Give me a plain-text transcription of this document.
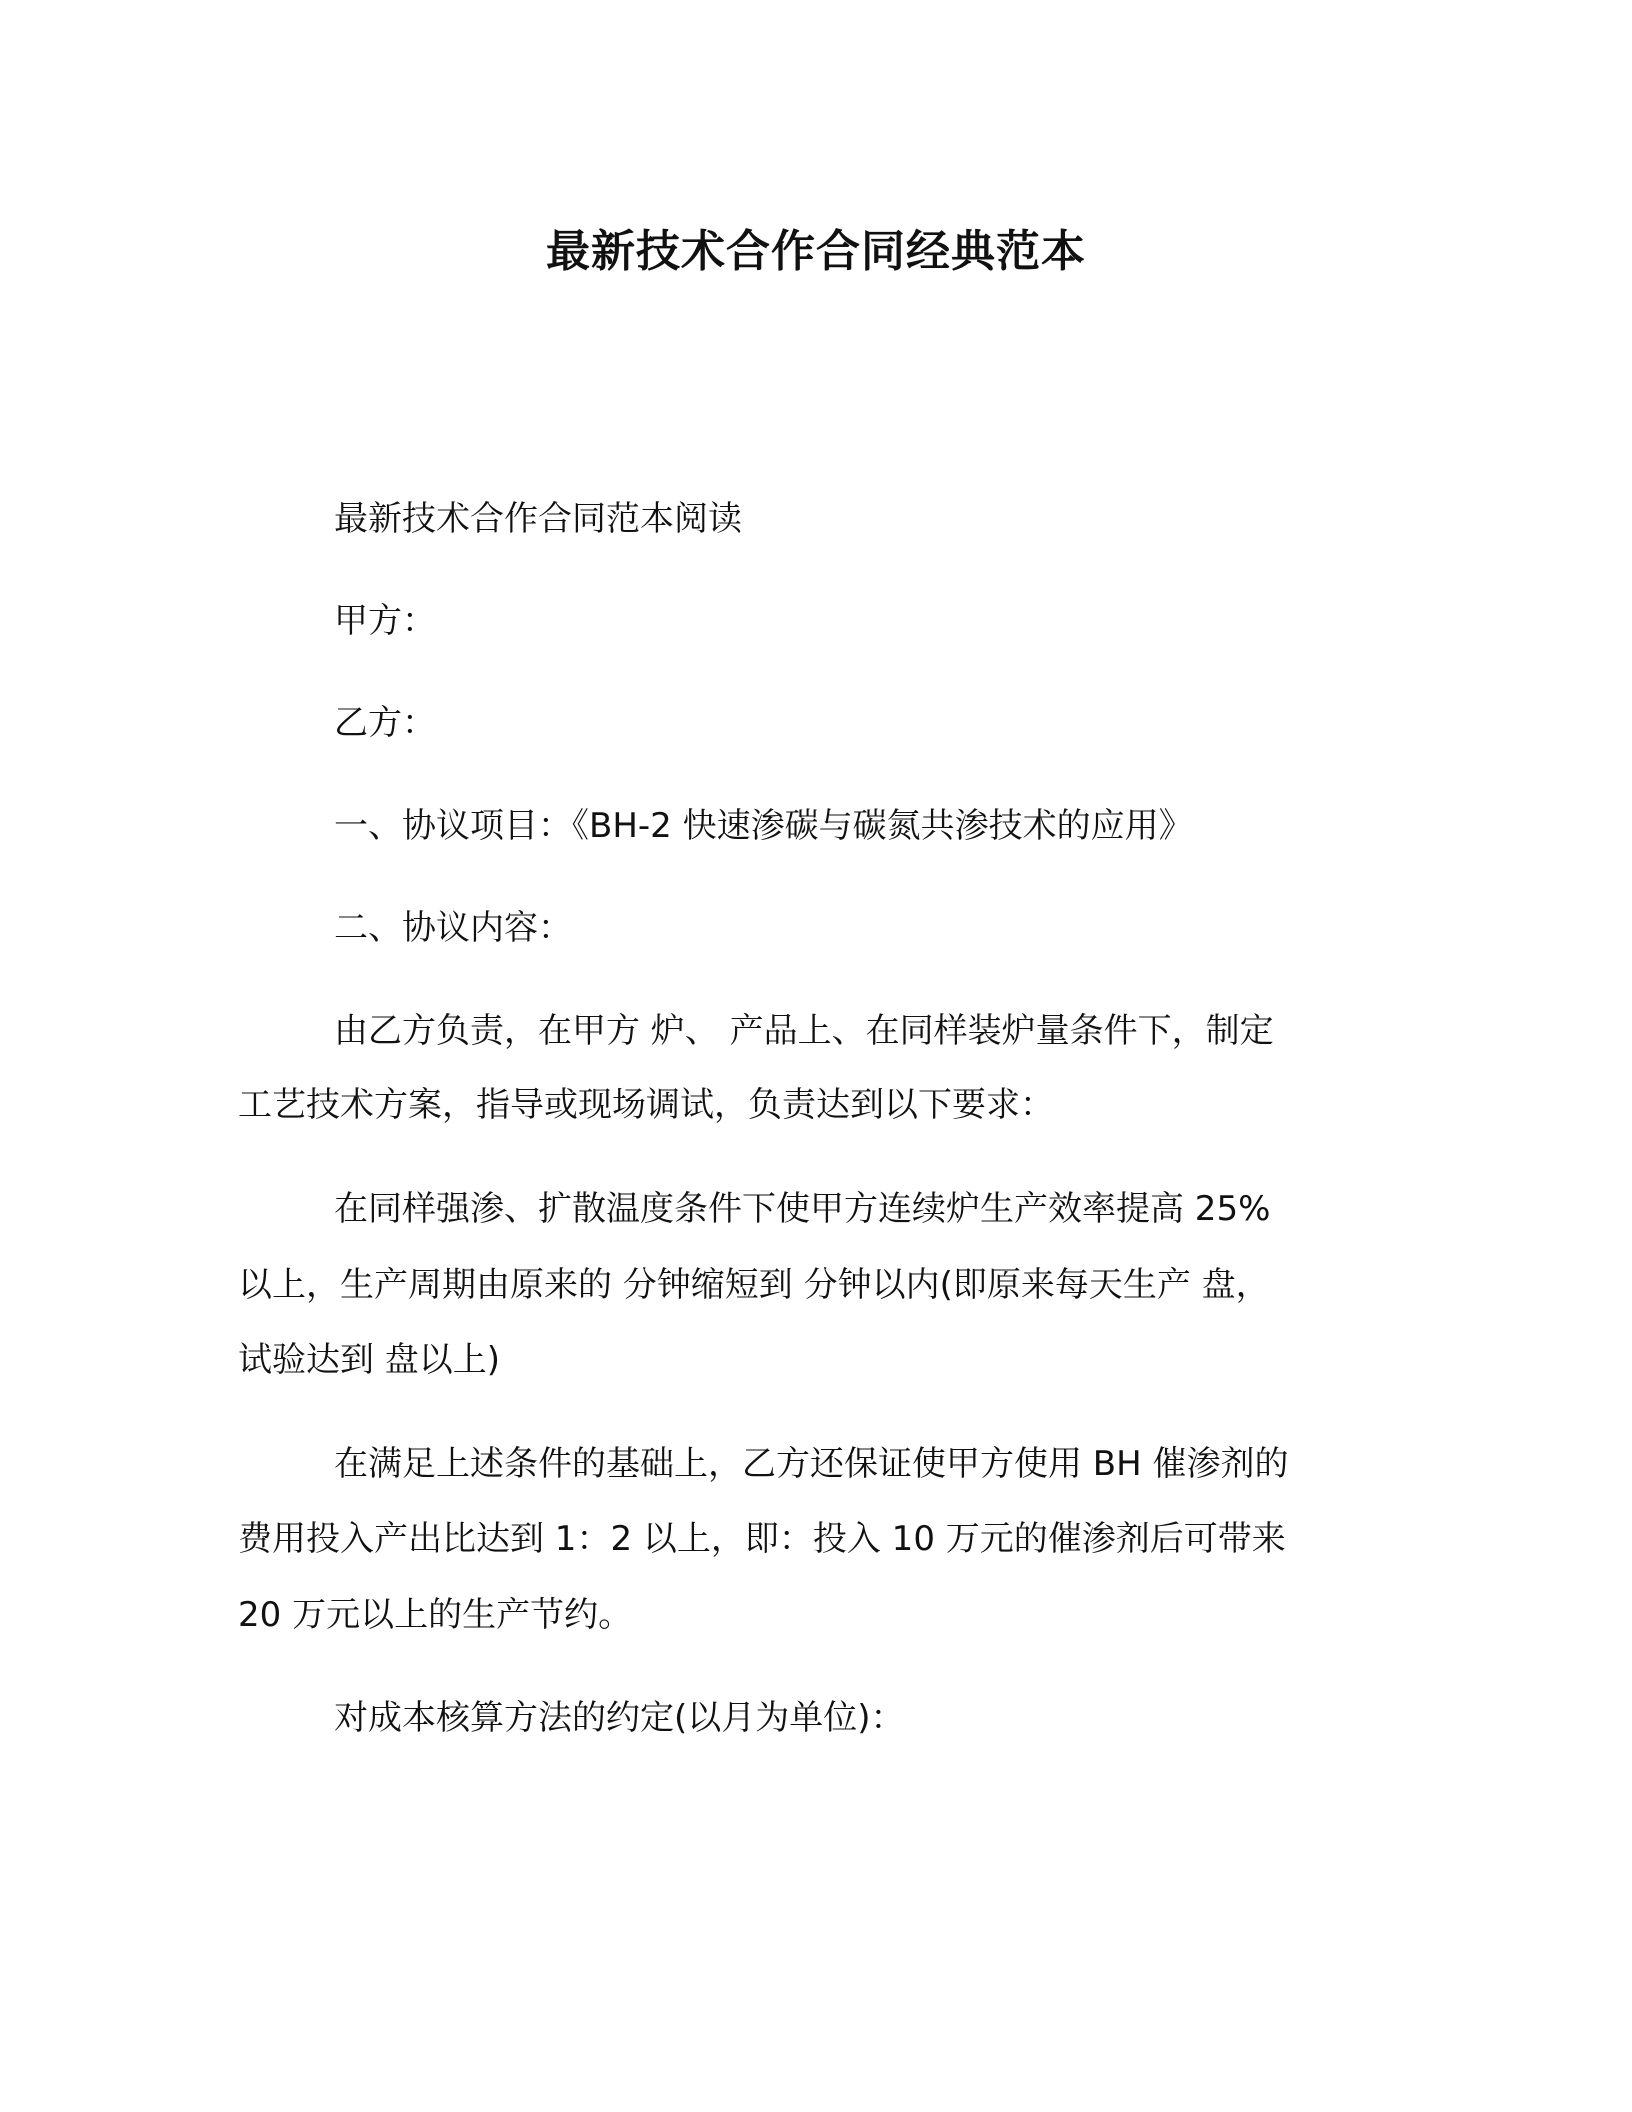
最新技术合作合同经典范本
最新技术合作合同范本阅读
甲方：
乙方：
一、协议项目：《BH-2 快速渗碳与碳氮共渗技术的应用》
二、协议内容：
由乙方负责，在甲方 炉、 产品上、在同样装炉量条件下，制定
工艺技术方案，指导或现场调试，负责达到以下要求：
在同样强渗、扩散温度条件下使甲方连续炉生产效率提高 25%
以上，生产周期由原来的 分钟缩短到 分钟以内(即原来每天生产 盘，
试验达到 盘以上)
在满足上述条件的基础上，乙方还保证使甲方使用 BH 催渗剂的
费用投入产出比达到 1：2 以上，即：投入 10 万元的催渗剂后可带来
20 万元以上的生产节约。
对成本核算方法的约定(以月为单位)：
